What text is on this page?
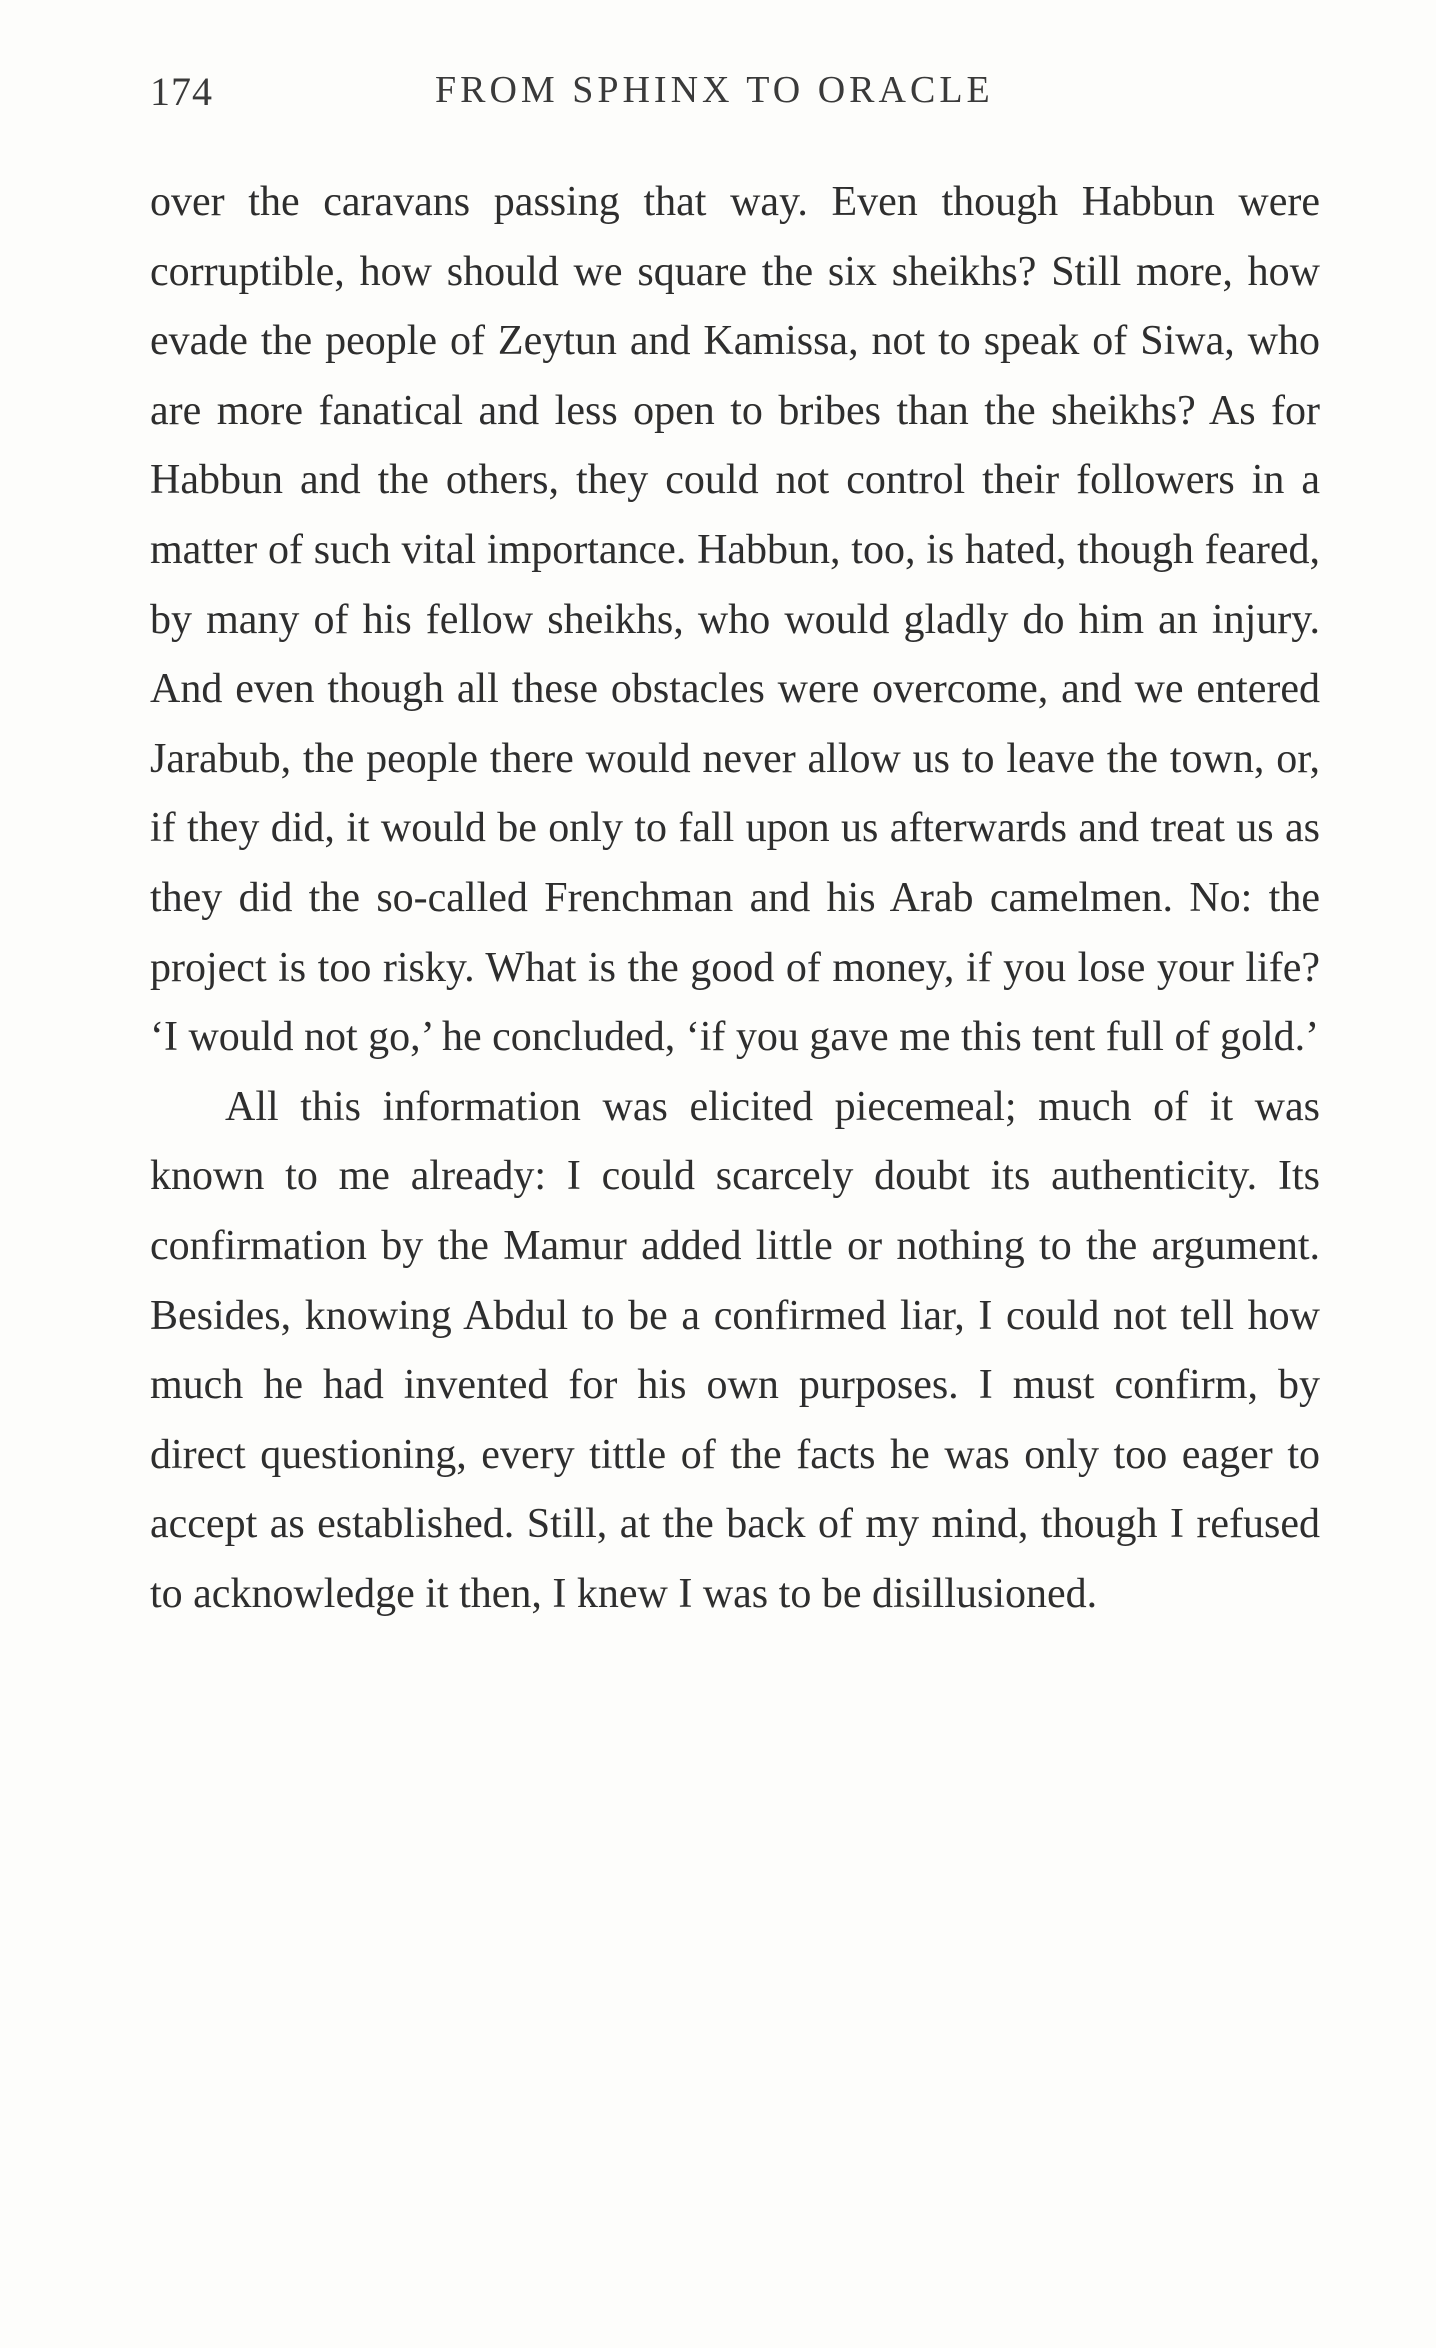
174	FROM SPHINX TO ORACLE

over the caravans passing that way. Even though Habbun were corruptible, how should we square the six sheikhs? Still more, how evade the people of Zeytun and Kamissa, not to speak of Siwa, who are more fanatical and less open to bribes than the sheikhs? As for Habbun and the others, they could not control their followers in a matter of such vital importance. Habbun, too, is hated, though feared, by many of his fellow sheikhs, who would gladly do him an injury. And even though all these obstacles were overcome, and we entered Jarabub, the people there would never allow us to leave the town, or, if they did, it would be only to fall upon us afterwards and treat us as they did the so-called Frenchman and his Arab camelmen. No: the project is too risky. What is the good of money, if you lose your life? ‘I would not go,’ he concluded, ‘if you gave me this tent full of gold.’

All this information was elicited piecemeal; much of it was known to me already: I could scarcely doubt its authenticity. Its confirmation by the Mamur added little or nothing to the argument. Besides, knowing Abdul to be a confirmed liar, I could not tell how much he had invented for his own purposes. I must confirm, by direct questioning, every tittle of the facts he was only too eager to accept as established. Still, at the back of my mind, though I refused to acknowledge it then, I knew I was to be disillusioned.
